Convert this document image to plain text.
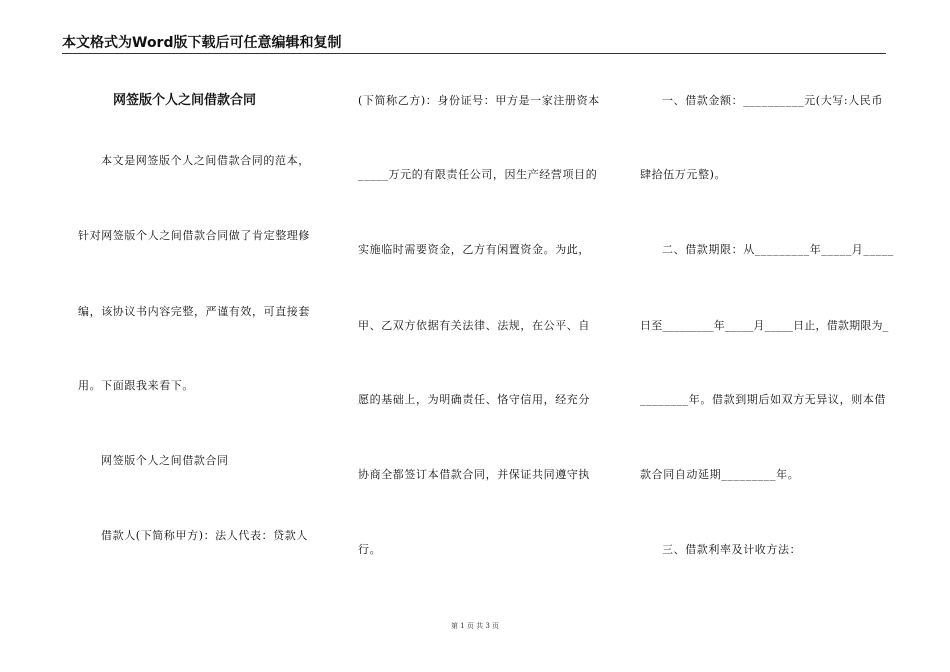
本文格式为Word版下载后可任意编辑和复制
网签版个人之间借款合同
本文是网签版个人之间借款合同的范本，
针对网签版个人之间借款合同做了肯定整理修
编，该协议书内容完整，严谨有效，可直接套
用。下面跟我来看下。
网签版个人之间借款合同
借款人(下简称甲方)：法人代表：贷款人
(下简称乙方)：身份证号：甲方是一家注册资本
_____万元的有限责任公司，因生产经营项目的
实施临时需要资金，乙方有闲置资金。为此，
甲、乙双方依据有关法律、法规，在公平、自
愿的基础上，为明确责任、恪守信用，经充分
协商全都签订本借款合同，并保证共同遵守执
行。
一、借款金额：__________元(大写:人民币
肆拾伍万元整)。
二、借款期限：从_________年_____月_____
日至_________年_____月_____日止，借款期限为_
________年。借款到期后如双方无异议，则本借
款合同自动延期_________年。
三、借款利率及计收方法：
第 1 页 共 3 页
